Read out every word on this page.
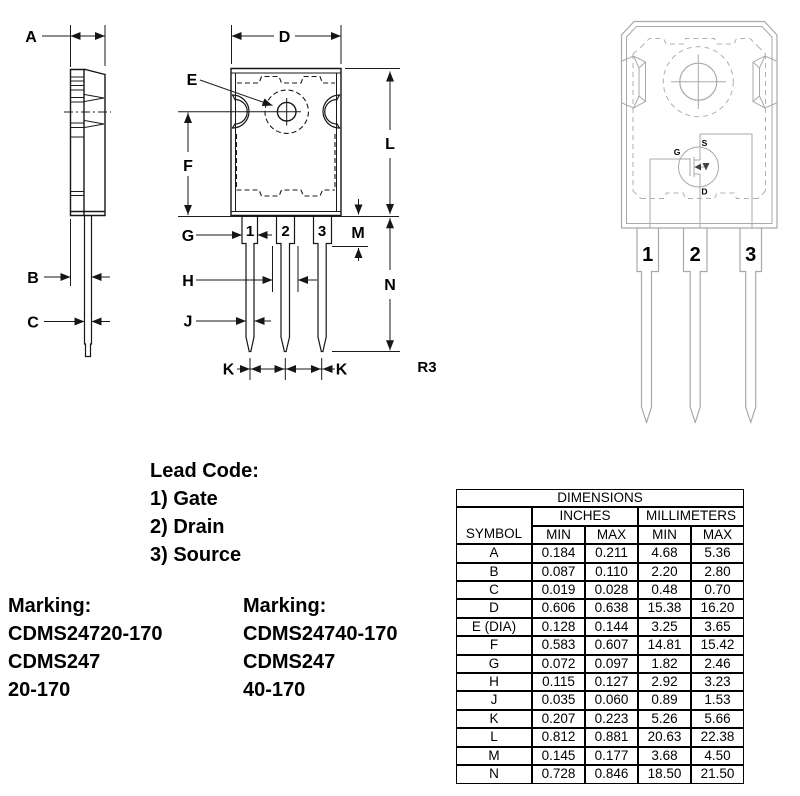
A
B
C
D
E
F
1 2 3
G
H
J
K	K
M
L
N
R3
S
G
D
1 2 3
Lead Code:
1) Gate
2) Drain
3) Source
Marking:
CDMS24720-170
CDMS247
20-170
Marking:
CDMS24740-170
CDMS247
40-170
DIMENSIONS				
SYMBOL	INCHES		MILLIMETERS	
	MIN	MAX	MIN	MAX
A	0.184	0.211	4.68	5.36
B	0.087	0.110	2.20	2.80
C	0.019	0.028	0.48	0.70
D	0.606	0.638	15.38	16.20
E (DIA)	0.128	0.144	3.25	3.65
F	0.583	0.607	14.81	15.42
G	0.072	0.097	1.82	2.46
H	0.115	0.127	2.92	3.23
J	0.035	0.060	0.89	1.53
K	0.207	0.223	5.26	5.66
L	0.812	0.881	20.63	22.38
M	0.145	0.177	3.68	4.50
N	0.728	0.846	18.50	21.50
